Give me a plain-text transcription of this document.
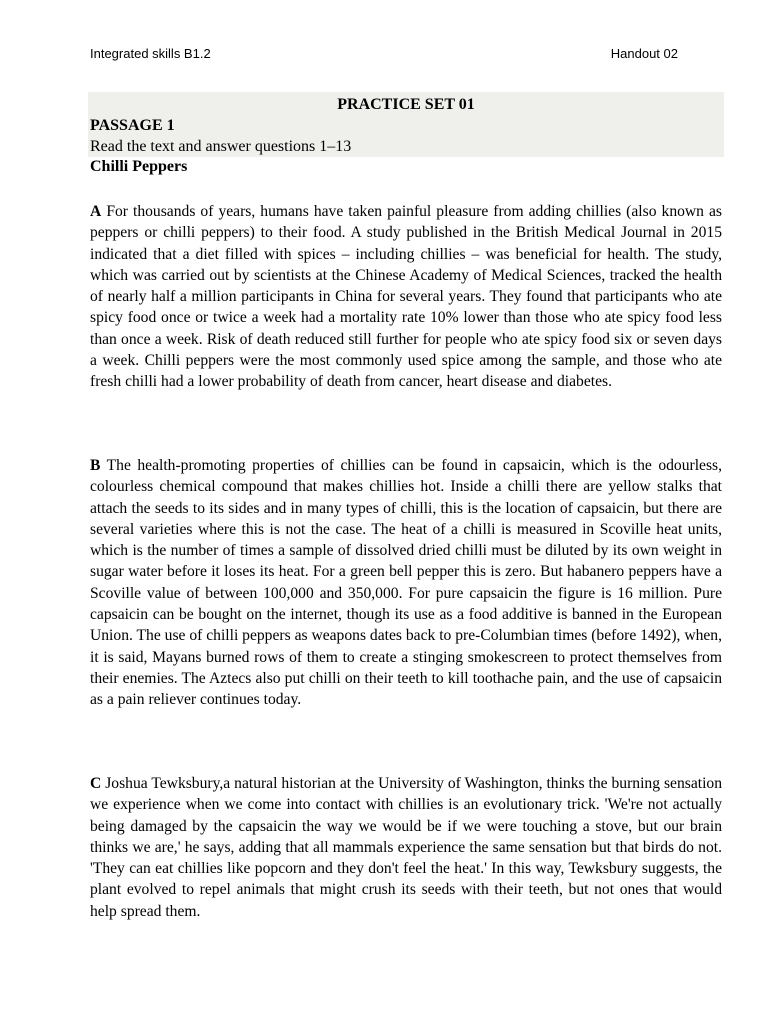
Integrated skills B1.2	Handout 02
PRACTICE SET 01
PASSAGE 1
Read the text and answer questions 1–13
Chilli Peppers

A For thousands of years, humans have taken painful pleasure from adding chillies (also known as peppers or chilli peppers) to their food. A study published in the British Medical Journal in 2015 indicated that a diet filled with spices – including chillies – was beneficial for health. The study, which was carried out by scientists at the Chinese Academy of Medical Sciences, tracked the health of nearly half a million participants in China for several years. They found that participants who ate spicy food once or twice a week had a mortality rate 10% lower than those who ate spicy food less than once a week. Risk of death reduced still further for people who ate spicy food six or seven days a week. Chilli peppers were the most commonly used spice among the sample, and those who ate fresh chilli had a lower probability of death from cancer, heart disease and diabetes.

B The health-promoting properties of chillies can be found in capsaicin, which is the odourless, colourless chemical compound that makes chillies hot. Inside a chilli there are yellow stalks that attach the seeds to its sides and in many types of chilli, this is the location of capsaicin, but there are several varieties where this is not the case. The heat of a chilli is measured in Scoville heat units, which is the number of times a sample of dissolved dried chilli must be diluted by its own weight in sugar water before it loses its heat. For a green bell pepper this is zero. But habanero peppers have a Scoville value of between 100,000 and 350,000. For pure capsaicin the figure is 16 million. Pure capsaicin can be bought on the internet, though its use as a food additive is banned in the European Union. The use of chilli peppers as weapons dates back to pre-Columbian times (before 1492), when, it is said, Mayans burned rows of them to create a stinging smokescreen to protect themselves from their enemies. The Aztecs also put chilli on their teeth to kill toothache pain, and the use of capsaicin as a pain reliever continues today.

C Joshua Tewksbury,a natural historian at the University of Washington, thinks the burning sensation we experience when we come into contact with chillies is an evolutionary trick. 'We're not actually being damaged by the capsaicin the way we would be if we were touching a stove, but our brain thinks we are,' he says, adding that all mammals experience the same sensation but that birds do not. 'They can eat chillies like popcorn and they don't feel the heat.' In this way, Tewksbury suggests, the plant evolved to repel animals that might crush its seeds with their teeth, but not ones that would help spread them.
